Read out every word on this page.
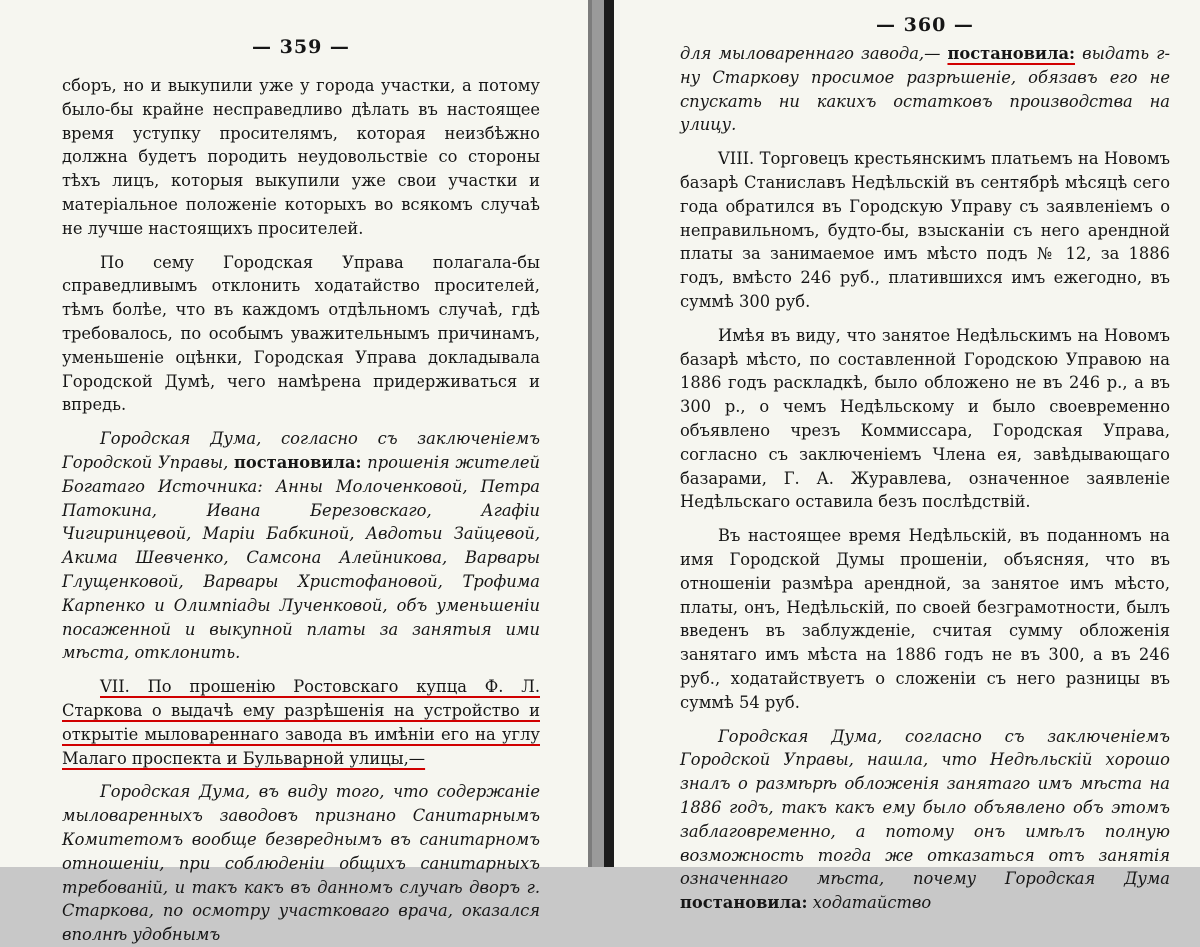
— 359 —

сборъ, но и выкупили уже у города участки, а потому было-бы крайне несправедливо дѣлать въ настоящее время уступку просителямъ, которая неизбѣжно должна будетъ породить неудовольствіе со стороны тѣхъ лицъ, которыя выкупили уже свои участки и матеріальное положеніе которыхъ во всякомъ случаѣ не лучше настоящихъ просителей.

По сему Городская Управа полагала-бы справедливымъ отклонить ходатайство просителей, тѣмъ болѣе, что въ каждомъ отдѣльномъ случаѣ, гдѣ требовалось, по особымъ уважительнымъ причинамъ, уменьшеніе оцѣнки, Городская Управа докладывала Городской Думѣ, чего намѣрена придерживаться и впредь.

Городская Дума, согласно съ заключеніемъ Городской Управы, постановила: прошенія жителей Богатаго Источника: Анны Молоченковой, Петра Патокина, Ивана Березовскаго, Агафіи Чигиринцевой, Маріи Бабкиной, Авдотьи Зайцевой, Акима Шевченко, Самсона Алейникова, Варвары Глущенковой, Варвары Христофановой, Трофима Карпенко и Олимпіады Лученковой, объ уменьшеніи посаженной и выкупной платы за занятыя ими мѣста, отклонить.

VII. По прошенію Ростовскаго купца Ф. Л. Старкова о выдачѣ ему разрѣшенія на устройство и открытіе мыловареннаго завода въ имѣніи его на углу Малаго проспекта и Бульварной улицы,—

Городская Дума, въ виду того, что содержаніе мыловаренныхъ заводовъ признано Санитарнымъ Комитетомъ вообще безвреднымъ въ санитарномъ отношеніи, при соблюденіи общихъ санитарныхъ требованій, и такъ какъ въ данномъ случаѣ дворъ г. Старкова, по осмотру участковаго врача, оказался вполнѣ удобнымъ

— 360 —

для мыловареннаго завода,— постановила: выдать г-ну Старкову просимое разрѣшеніе, обязавъ его не спускать ни какихъ остатковъ производства на улицу.

VIII. Торговецъ крестьянскимъ платьемъ на Новомъ базарѣ Станиславъ Недѣльскій въ сентябрѣ мѣсяцѣ сего года обратился въ Городскую Управу съ заявленіемъ о неправильномъ, будто-бы, взысканіи съ него арендной платы за занимаемое имъ мѣсто подъ № 12, за 1886 годъ, вмѣсто 246 руб., платившихся имъ ежегодно, въ суммѣ 300 руб.

Имѣя въ виду, что занятое Недѣльскимъ на Новомъ базарѣ мѣсто, по составленной Городскою Управою на 1886 годъ раскладкѣ, было обложено не въ 246 р., а въ 300 р., о чемъ Недѣльскому и было своевременно объявлено чрезъ Коммиссара, Городская Управа, согласно съ заключеніемъ Члена ея, завѣдывающаго базарами, Г. А. Журавлева, означенное заявленіе Недѣльскаго оставила безъ послѣдствій.

Въ настоящее время Недѣльскій, въ поданномъ на имя Городской Думы прошеніи, объясняя, что въ отношеніи размѣра арендной, за занятое имъ мѣсто, платы, онъ, Недѣльскій, по своей безграмотности, былъ введенъ въ заблужденіе, считая сумму обложенія занятаго имъ мѣста на 1886 годъ не въ 300, а въ 246 руб., ходатайствуетъ о сложеніи съ него разницы въ суммѣ 54 руб.

Городская Дума, согласно съ заключеніемъ Городской Управы, нашла, что Недѣльскій хорошо зналъ о размѣрѣ обложенія занятаго имъ мѣста на 1886 годъ, такъ какъ ему было объявлено объ этомъ заблаговременно, а потому онъ имѣлъ полную возможность тогда же отказаться отъ занятія означеннаго мѣста, почему Городская Дума постановила: ходатайство
